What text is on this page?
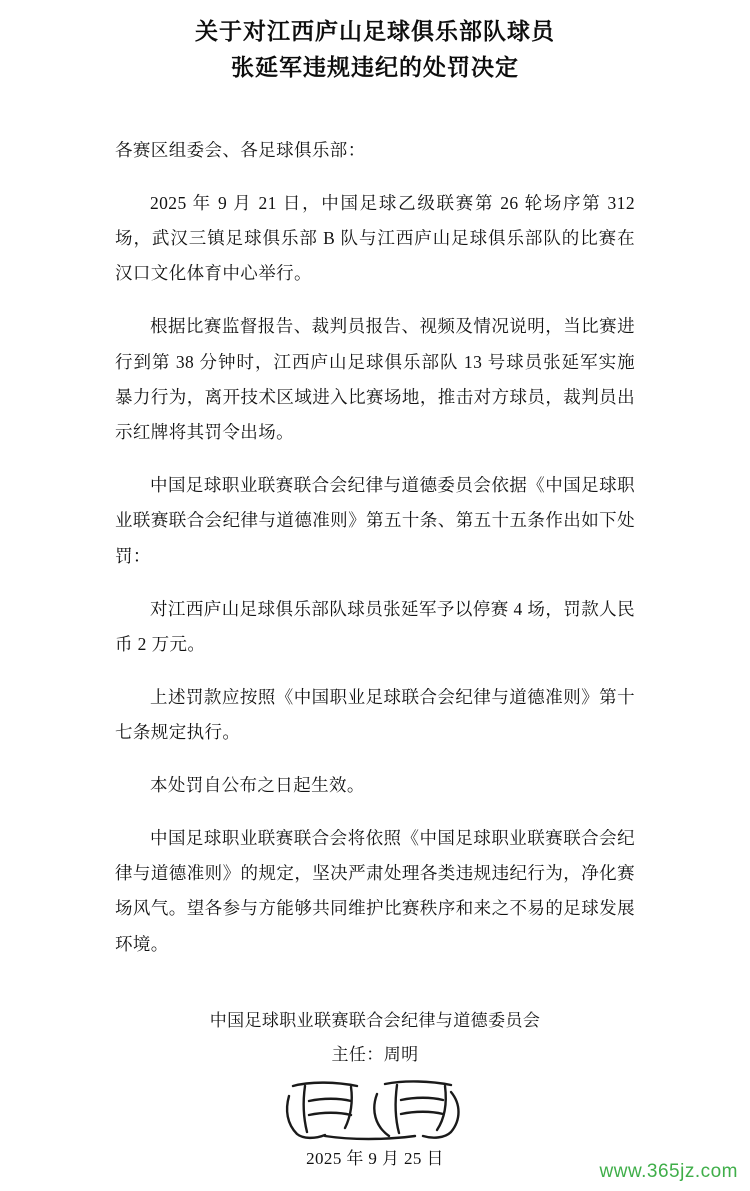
关于对江西庐山足球俱乐部队球员
张延军违规违纪的处罚决定

各赛区组委会、各足球俱乐部：

2025 年 9 月 21 日，中国足球乙级联赛第 26 轮场序第 312 场，武汉三镇足球俱乐部 B 队与江西庐山足球俱乐部队的比赛在汉口文化体育中心举行。

根据比赛监督报告、裁判员报告、视频及情况说明，当比赛进行到第 38 分钟时，江西庐山足球俱乐部队 13 号球员张延军实施暴力行为，离开技术区域进入比赛场地，推击对方球员，裁判员出示红牌将其罚令出场。

中国足球职业联赛联合会纪律与道德委员会依据《中国足球职业联赛联合会纪律与道德准则》第五十条、第五十五条作出如下处罚：

对江西庐山足球俱乐部队球员张延军予以停赛 4 场，罚款人民币 2 万元。

上述罚款应按照《中国职业足球联合会纪律与道德准则》第十七条规定执行。

本处罚自公布之日起生效。

中国足球职业联赛联合会将依照《中国足球职业联赛联合会纪律与道德准则》的规定，坚决严肃处理各类违规违纪行为，净化赛场风气。望各参与方能够共同维护比赛秩序和来之不易的足球发展环境。

中国足球职业联赛联合会纪律与道德委员会
主任：周明
2025 年 9 月 25 日
www.365jz.com
